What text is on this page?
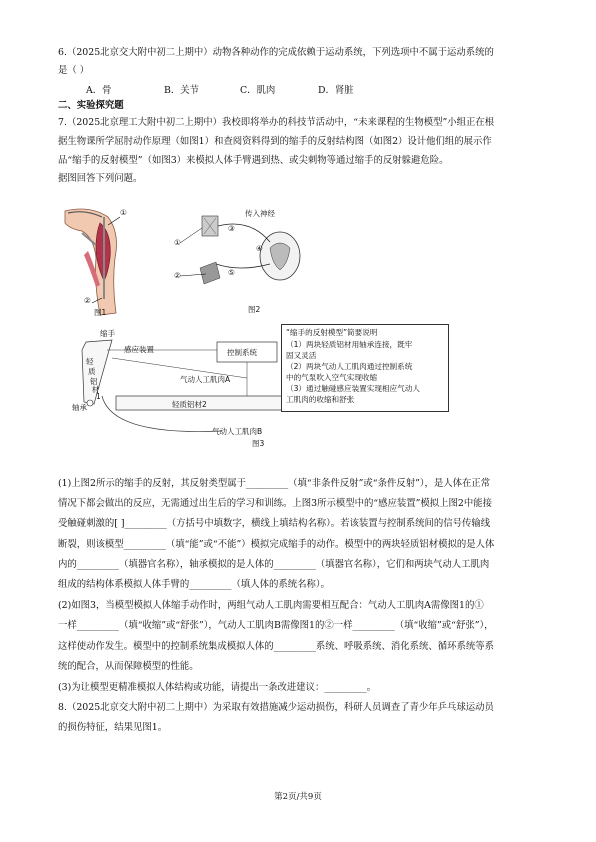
6.（2025北京交大附中初二上期中）动物各种动作的完成依赖于运动系统，下列选项中不属于运动系统的
是（ ）
A．骨	B．关节	C．肌肉	D．肾脏
二、实验探究题
7.（2025北京理工大附中初二上期中）我校即将举办的科技节活动中，“未来课程的生物模型”小组正在根
据生物课所学屈肘动作原理（如图1）和查阅资料得到的缩手的反射结构图（如图2）设计他们组的展示作
品“缩手的反射模型”（如图3）来模拟人体手臂遇到热、或尖刺物等通过缩手的反射躲避危险。
据图回答下列问题。
①
②
图1
传入神经
③
①
②	⑤
④
图2
缩手
感应装置	控制系统
轻
质
铝
材
1
气动人工肌肉A
轴承	轻质铝材2
气动人工肌肉B
图3
“缩手的反射模型”简要说明
（1）两块轻质铝材用轴承连接，既牢
固又灵活
（2）两块气动人工肌肉通过控制系统
中的气泵吹入空气实现收缩
（3）通过触碰感应装置实现相应气动人
工肌肉的收缩和舒张
(1)上图2所示的缩手的反射，其反射类型属于_________（填“非条件反射”或“条件反射”），是人体在正常
情况下都会做出的反应，无需通过出生后的学习和训练。上图3所示模型中的“感应装置”模拟上图2中能接
受触碰刺激的[ ]_________（方括号中填数字，横线上填结构名称）。若该装置与控制系统间的信号传输线
断裂，则该模型_________（填“能”或“不能”）模拟完成缩手的动作。模型中的两块轻质铝材模拟的是人体
内的_________（填器官名称），轴承模拟的是人体的_________（填器官名称），它们和两块气动人工肌肉
组成的结构体系模拟人体手臂的_________（填人体的系统名称）。
(2)如图3，当模型模拟人体缩手动作时，两组气动人工肌肉需要相互配合：气动人工肌肉A需像图1的①
一样_________（填“收缩”或“舒张”），气动人工肌肉B需像图1的②一样_________（填“收缩”或“舒张”），
这样使动作发生。模型中的控制系统集成模拟人体的_________系统、呼吸系统、消化系统、循环系统等系
统的配合，从而保障模型的性能。
(3)为让模型更精准模拟人体结构或功能，请提出一条改进建议：_________。
8.（2025北京交大附中初二上期中）为采取有效措施减少运动损伤，科研人员调查了青少年乒乓球运动员
的损伤特征，结果见图1。
第2页/共9页
